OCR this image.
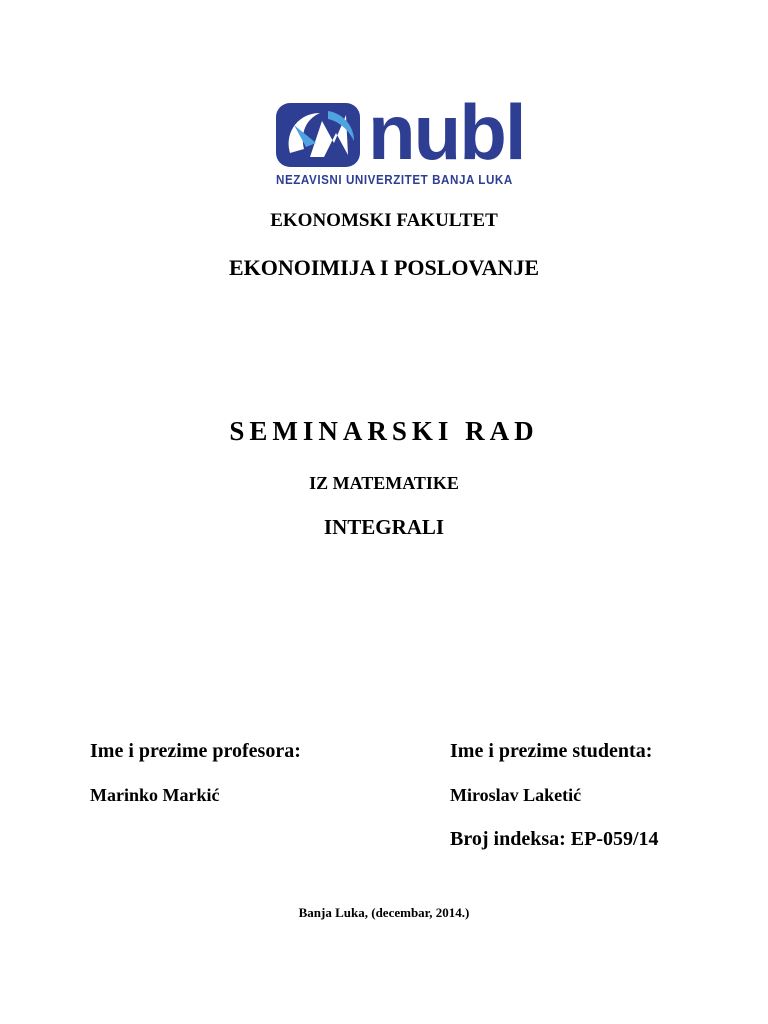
nubl
NEZAVISNI UNIVERZITET BANJA LUKA
EKONOMSKI FAKULTET
EKONOIMIJA I POSLOVANJE
SEMINARSKI RAD
IZ MATEMATIKE
INTEGRALI
Ime i prezime profesora:
Marinko Markić
Ime i prezime studenta:
Miroslav Laketić
Broj indeksa: EP-059/14
Banja Luka, (decembar, 2014.)
